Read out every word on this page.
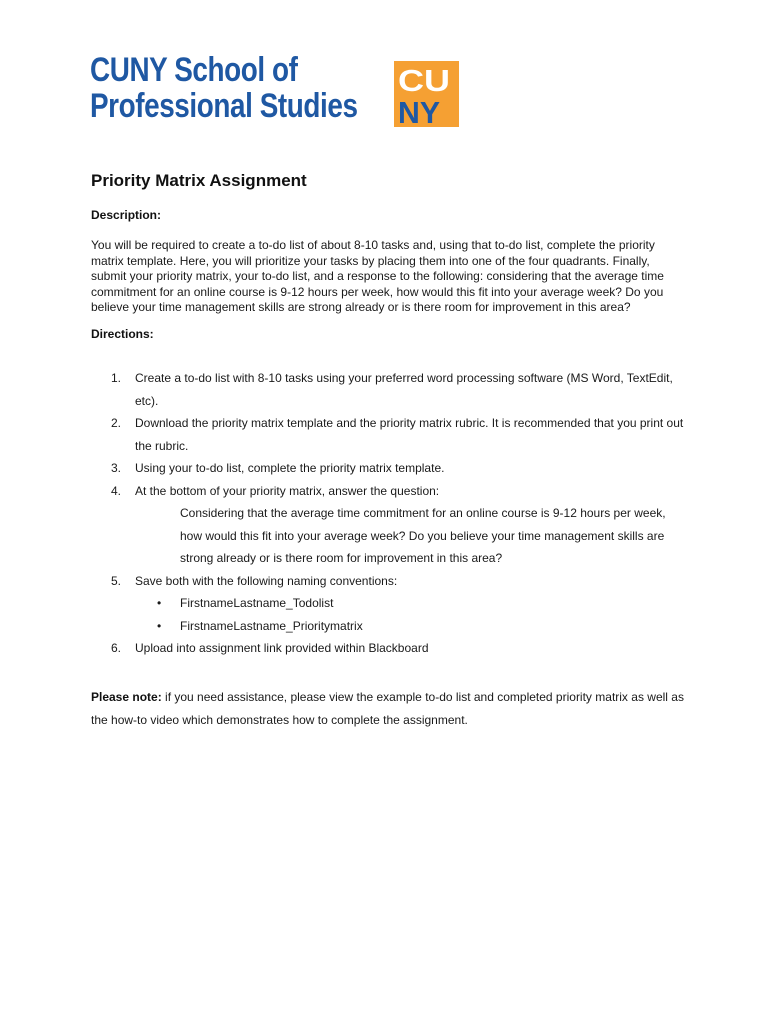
CUNY School of
Professional Studies
CU
NY
Priority Matrix Assignment
Description:
You will be required to create a to-do list of about 8-10 tasks and, using that to-do list, complete the priority
matrix template. Here, you will prioritize your tasks by placing them into one of the four quadrants. Finally,
submit your priority matrix, your to-do list, and a response to the following: considering that the average time
commitment for an online course is 9-12 hours per week, how would this fit into your average week? Do you
believe your time management skills are strong already or is there room for improvement in this area?
Directions:
1.	Create a to-do list with 8-10 tasks using your preferred word processing software (MS Word, TextEdit,
etc).
2.	Download the priority matrix template and the priority matrix rubric. It is recommended that you print out
the rubric.
3.	Using your to-do list, complete the priority matrix template.
4.	At the bottom of your priority matrix, answer the question:
Considering that the average time commitment for an online course is 9-12 hours per week,
how would this fit into your average week? Do you believe your time management skills are
strong already or is there room for improvement in this area?
5.	Save both with the following naming conventions:
• FirstnameLastname_Todolist
• FirstnameLastname_Prioritymatrix
6.	Upload into assignment link provided within Blackboard
Please note: if you need assistance, please view the example to-do list and completed priority matrix as well as
the how-to video which demonstrates how to complete the assignment.
